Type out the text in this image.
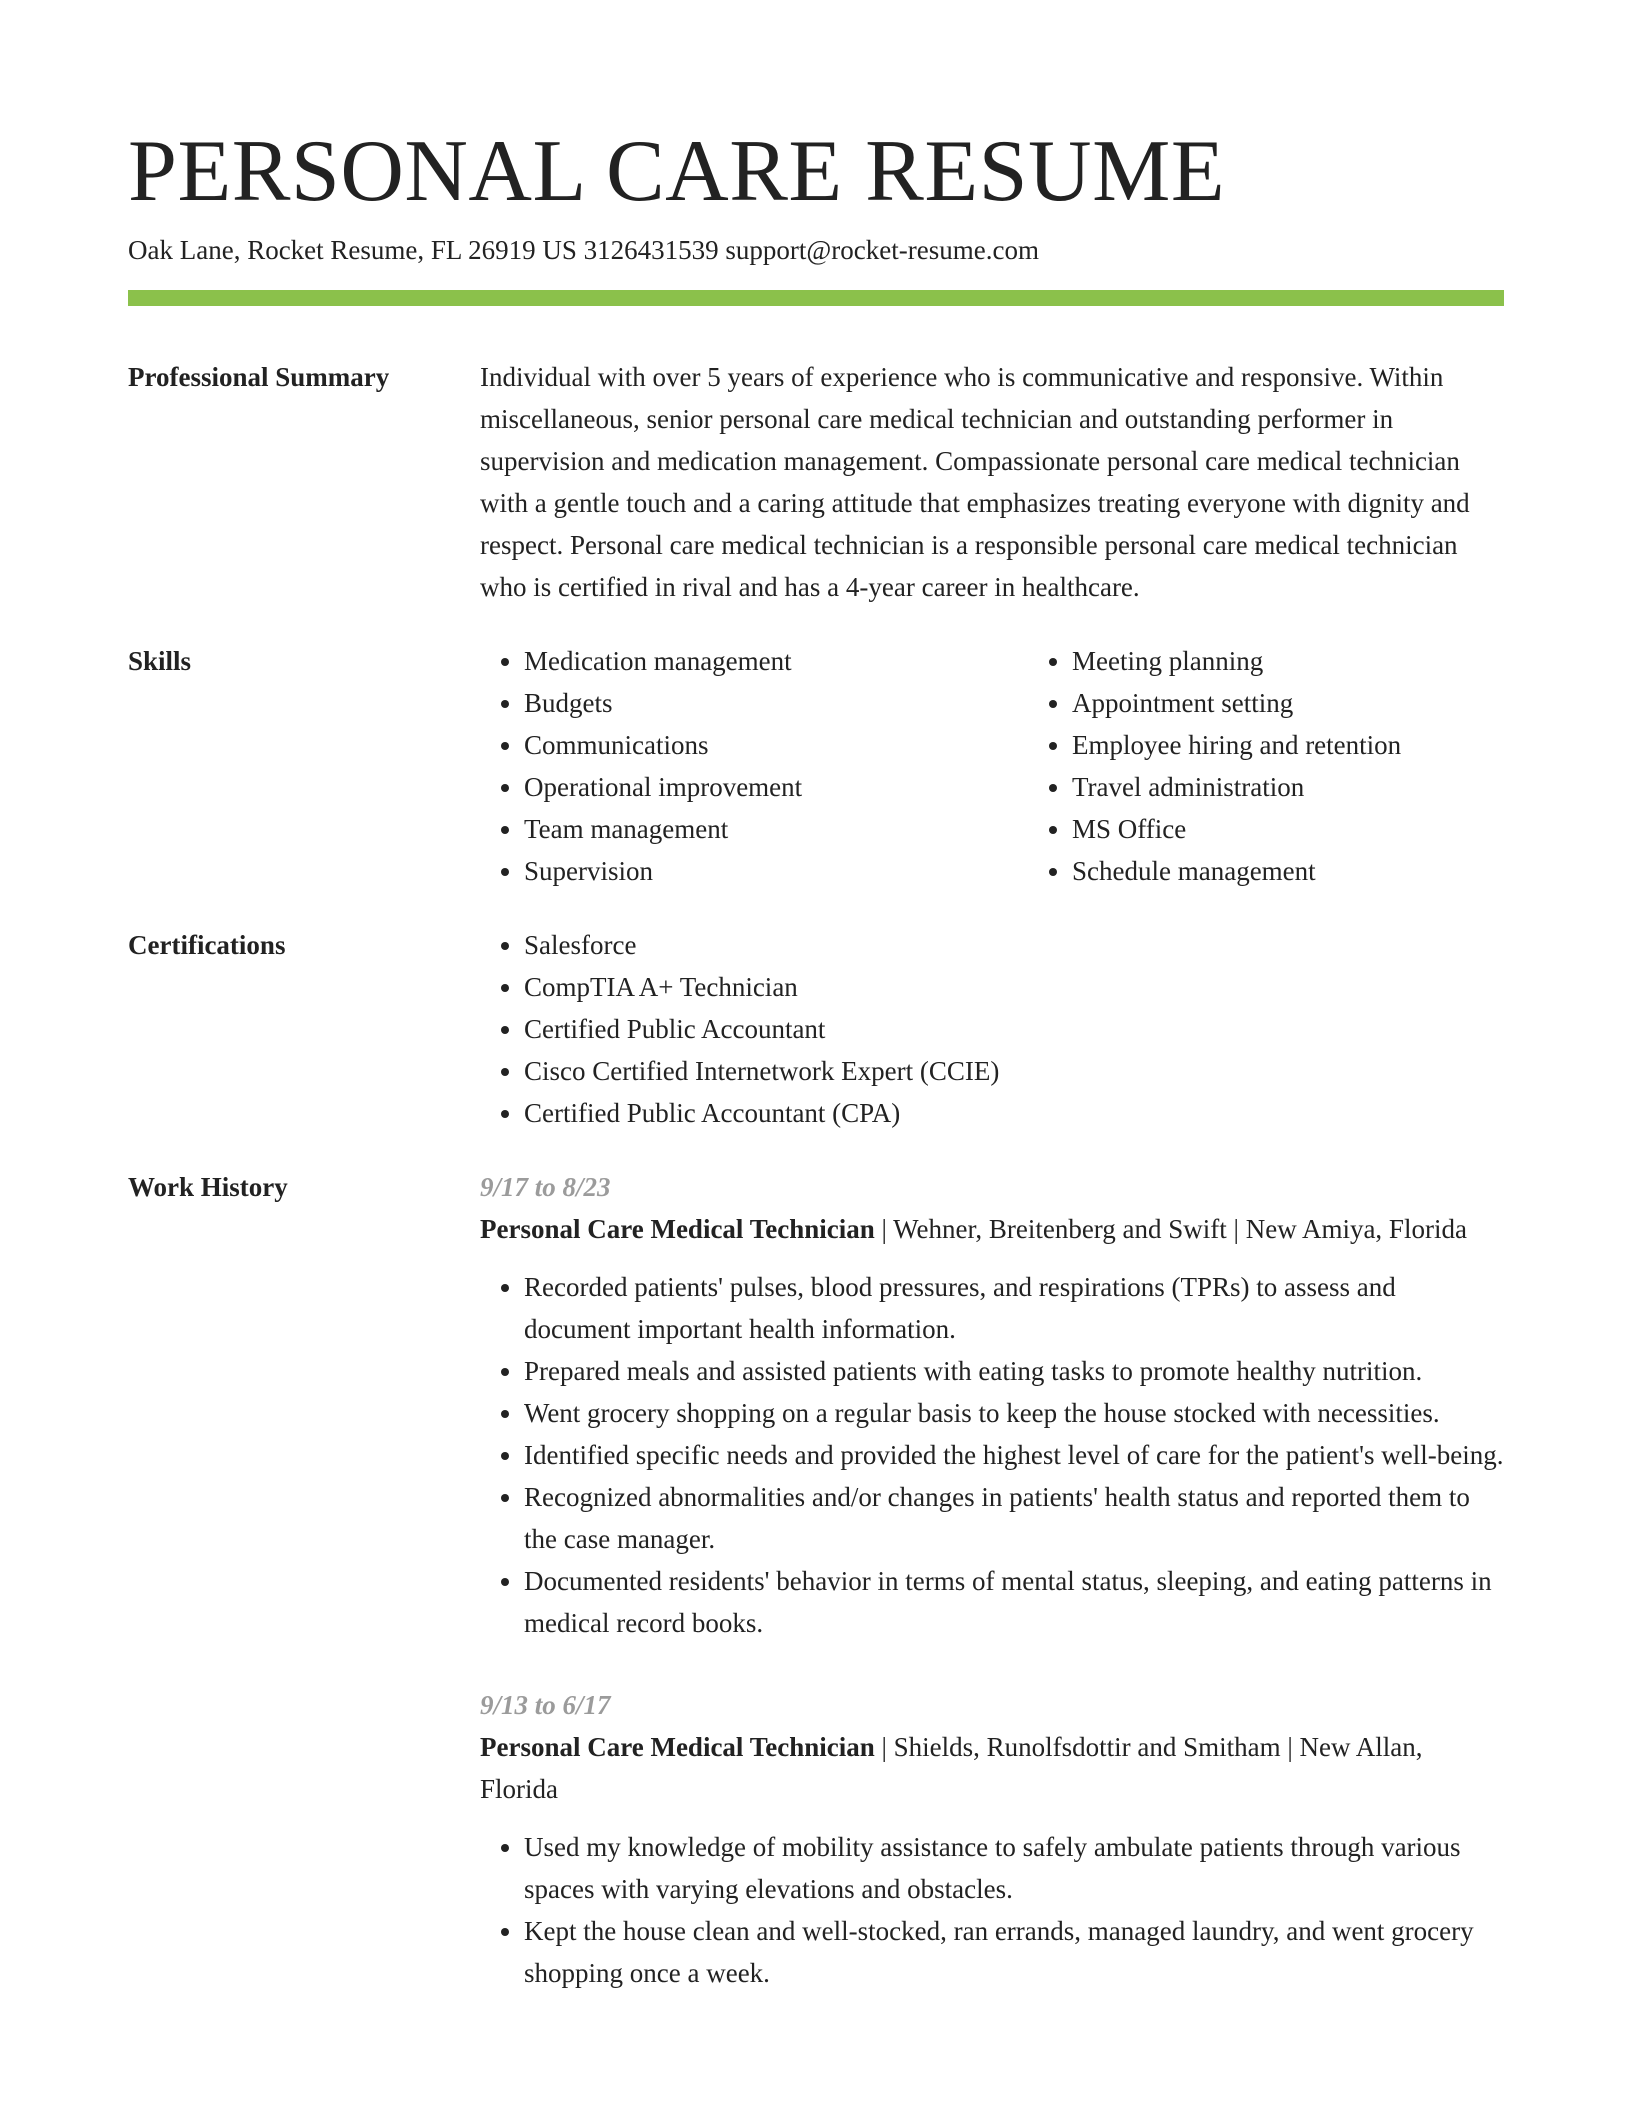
PERSONAL CARE RESUME
Oak Lane, Rocket Resume, FL 26919 US 3126431539 support@rocket-resume.com
Professional Summary	Individual with over 5 years of experience who is communicative and responsive. Within miscellaneous, senior personal care medical technician and outstanding performer in supervision and medication management. Compassionate personal care medical technician with a gentle touch and a caring attitude that emphasizes treating everyone with dignity and respect. Personal care medical technician is a responsible personal care medical technician who is certified in rival and has a 4-year career in healthcare.

Skills	• Medication management
• Budgets
• Communications
• Operational improvement
• Team management
• Supervision
• Meeting planning
• Appointment setting
• Employee hiring and retention
• Travel administration
• MS Office
• Schedule management
Certifications	• Salesforce
• CompTIA A+ Technician
• Certified Public Accountant
• Cisco Certified Internetwork Expert (CCIE)
• Certified Public Accountant (CPA)
Work History	9/17 to 8/23
Personal Care Medical Technician | Wehner, Breitenberg and Swift | New Amiya, Florida
• Recorded patients' pulses, blood pressures, and respirations (TPRs) to assess and document important health information.
• Prepared meals and assisted patients with eating tasks to promote healthy nutrition.
• Went grocery shopping on a regular basis to keep the house stocked with necessities.
• Identified specific needs and provided the highest level of care for the patient's well-being.
• Recognized abnormalities and/or changes in patients' health status and reported them to the case manager.
• Documented residents' behavior in terms of mental status, sleeping, and eating patterns in medical record books.
9/13 to 6/17
Personal Care Medical Technician | Shields, Runolfsdottir and Smitham | New Allan, Florida
• Used my knowledge of mobility assistance to safely ambulate patients through various spaces with varying elevations and obstacles.
• Kept the house clean and well-stocked, ran errands, managed laundry, and went grocery shopping once a week.
